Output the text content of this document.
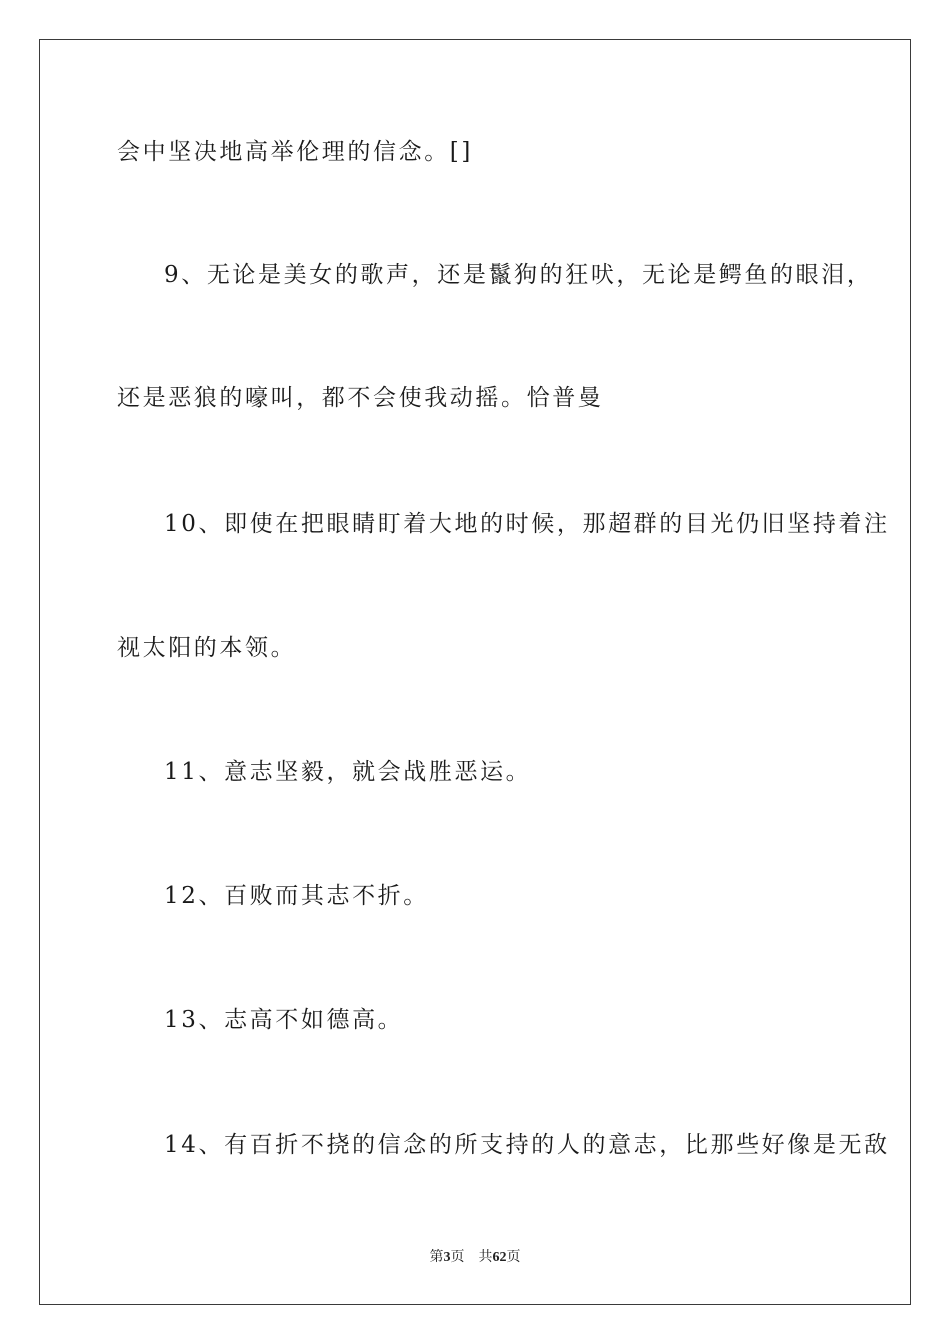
会中坚决地高举伦理的信念。[]
9、无论是美女的歌声，还是鬣狗的狂吠，无论是鳄鱼的眼泪，
还是恶狼的嚎叫，都不会使我动摇。恰普曼
10、即使在把眼睛盯着大地的时候，那超群的目光仍旧坚持着注
视太阳的本领。
11、意志坚毅，就会战胜恶运。
12、百败而其志不折。
13、志高不如德高。
14、有百折不挠的信念的所支持的人的意志，比那些好像是无敌
第3页 共62页
